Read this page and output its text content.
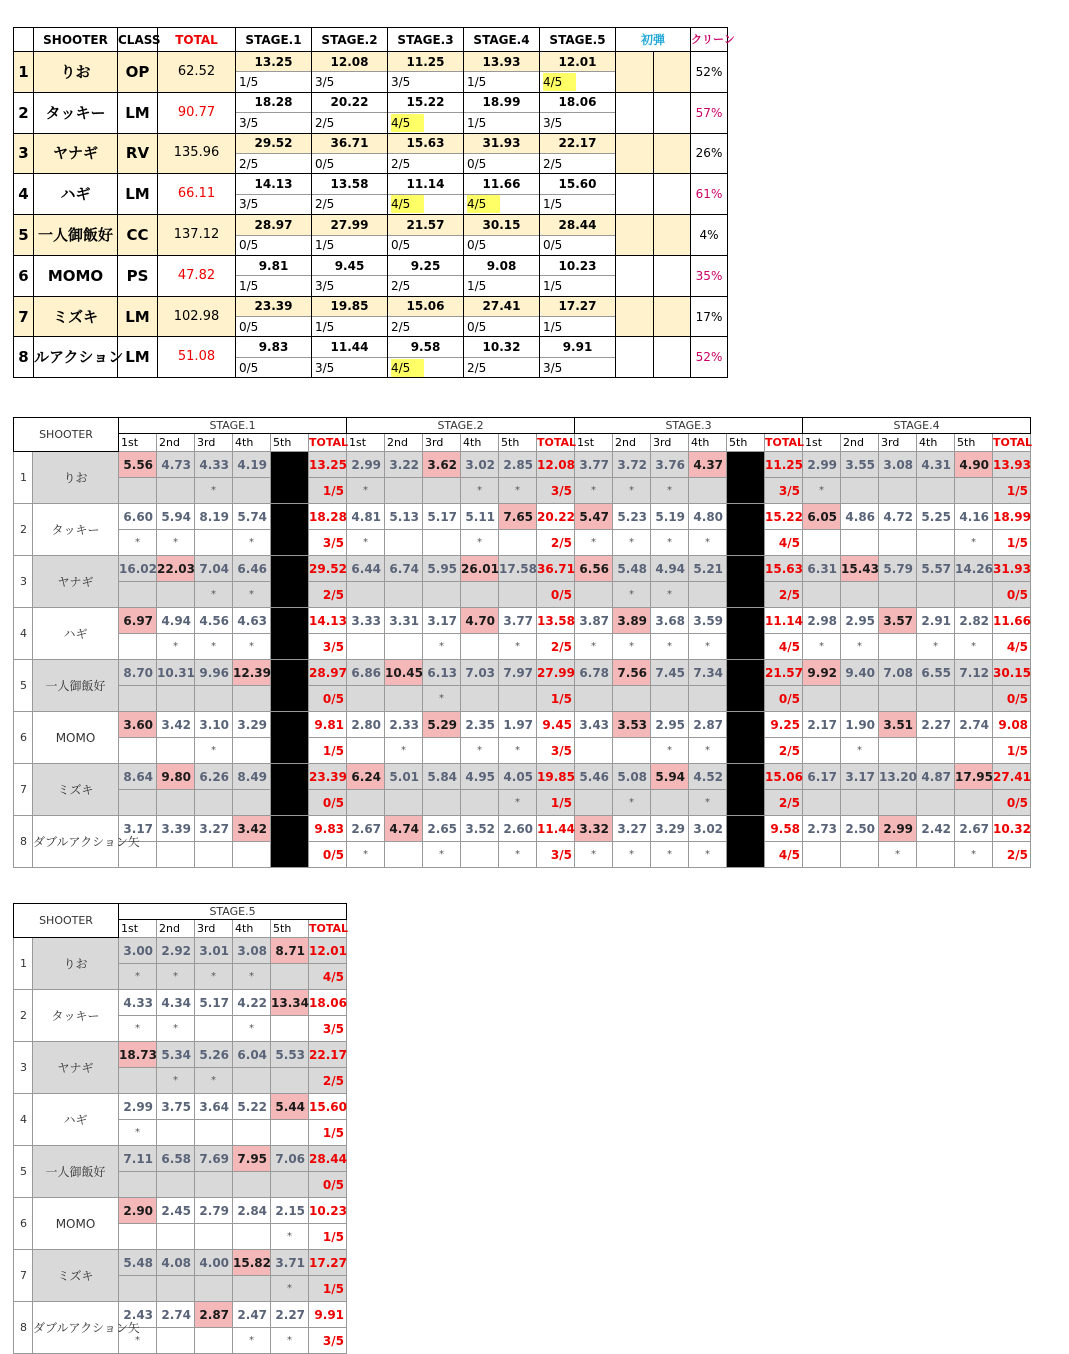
	SHOOTER	CLASS	TOTAL	STAGE.1	STAGE.2	STAGE.3	STAGE.4	STAGE.5	初弾		クリーン
1	りお	OP	62.52	13.25	12.08	11.25	13.93	12.01			52%
				1/5	3/5	3/5	1/5	4/5			
2	タッキー	LM	90.77	18.28	20.22	15.22	18.99	18.06			57%
				3/5	2/5	4/5	1/5	3/5			
3	ヤナギ	RV	135.96	29.52	36.71	15.63	31.93	22.17			26%
				2/5	0/5	2/5	0/5	2/5			
4	ハギ	LM	66.11	14.13	13.58	11.14	11.66	15.60			61%
				3/5	2/5	4/5	4/5	1/5			
5	一人御飯好	CC	137.12	28.97	27.99	21.57	30.15	28.44			4%
				0/5	1/5	0/5	0/5	0/5			
6	MOMO	PS	47.82	9.81	9.45	9.25	9.08	10.23			35%
				1/5	3/5	2/5	1/5	1/5			
7	ミズキ	LM	102.98	23.39	19.85	15.06	27.41	17.27			17%
				0/5	1/5	2/5	0/5	1/5			
8	ルアクション	LM	51.08	9.83	11.44	9.58	10.32	9.91			52%
				0/5	3/5	4/5	2/5	3/5			
SHOOTER		STAGE.1						STAGE.2						STAGE.3						STAGE.4					
		1st	2nd	3rd	4th	5th	TOTAL	1st	2nd	3rd	4th	5th	TOTAL	1st	2nd	3rd	4th	5th	TOTAL	1st	2nd	3rd	4th	5th	TOTAL
1	りお	5.56	4.73	4.33	4.19		13.25	2.99	3.22	3.62	3.02	2.85	12.08	3.77	3.72	3.76	4.37		11.25	2.99	3.55	3.08	4.31	4.90	13.93
				*			1/5	*			*	*	3/5	*	*	*			3/5	*					1/5
2	タッキー	6.60	5.94	8.19	5.74		18.28	4.81	5.13	5.17	5.11	7.65	20.22	5.47	5.23	5.19	4.80		15.22	6.05	4.86	4.72	5.25	4.16	18.99
		*	*		*		3/5	*			*		2/5	*	*	*	*		4/5					*	1/5
3	ヤナギ	16.02	22.03	7.04	6.46		29.52	6.44	6.74	5.95	26.01	17.58	36.71	6.56	5.48	4.94	5.21		15.63	6.31	15.43	5.79	5.57	14.26	31.93
				*	*		2/5						0/5		*	*			2/5						0/5
4	ハギ	6.97	4.94	4.56	4.63		14.13	3.33	3.31	3.17	4.70	3.77	13.58	3.87	3.89	3.68	3.59		11.14	2.98	2.95	3.57	2.91	2.82	11.66
			*	*	*		3/5			*		*	2/5	*	*	*	*		4/5	*	*		*	*	4/5
5	一人御飯好	8.70	10.31	9.96	12.39		28.97	6.86	10.45	6.13	7.03	7.97	27.99	6.78	7.56	7.45	7.34		21.57	9.92	9.40	7.08	6.55	7.12	30.15
							0/5			*			1/5						0/5						0/5
6	MOMO	3.60	3.42	3.10	3.29		9.81	2.80	2.33	5.29	2.35	1.97	9.45	3.43	3.53	2.95	2.87		9.25	2.17	1.90	3.51	2.27	2.74	9.08
				*			1/5		*		*	*	3/5			*	*		2/5		*				1/5
7	ミズキ	8.64	9.80	6.26	8.49		23.39	6.24	5.01	5.84	4.95	4.05	19.85	5.46	5.08	5.94	4.52		15.06	6.17	3.17	13.20	4.87	17.95	27.41
							0/5					*	1/5		*		*		2/5						0/5
8	ダブルアクション矢	3.17	3.39	3.27	3.42		9.83	2.67	4.74	2.65	3.52	2.60	11.44	3.32	3.27	3.29	3.02		9.58	2.73	2.50	2.99	2.42	2.67	10.32
							0/5	*		*		*	3/5	*	*	*	*		4/5			*		*	2/5
SHOOTER		STAGE.5					
		1st	2nd	3rd	4th	5th	TOTAL
1	りお	3.00	2.92	3.01	3.08	8.71	12.01
		*	*	*	*		4/5
2	タッキー	4.33	4.34	5.17	4.22	13.34	18.06
		*	*		*		3/5
3	ヤナギ	18.73	5.34	5.26	6.04	5.53	22.17
			*	*			2/5
4	ハギ	2.99	3.75	3.64	5.22	5.44	15.60
		*					1/5
5	一人御飯好	7.11	6.58	7.69	7.95	7.06	28.44
							0/5
6	MOMO	2.90	2.45	2.79	2.84	2.15	10.23
						*	1/5
7	ミズキ	5.48	4.08	4.00	15.82	3.71	17.27
						*	1/5
8	ダブルアクション矢	2.43	2.74	2.87	2.47	2.27	9.91
		*			*	*	3/5
